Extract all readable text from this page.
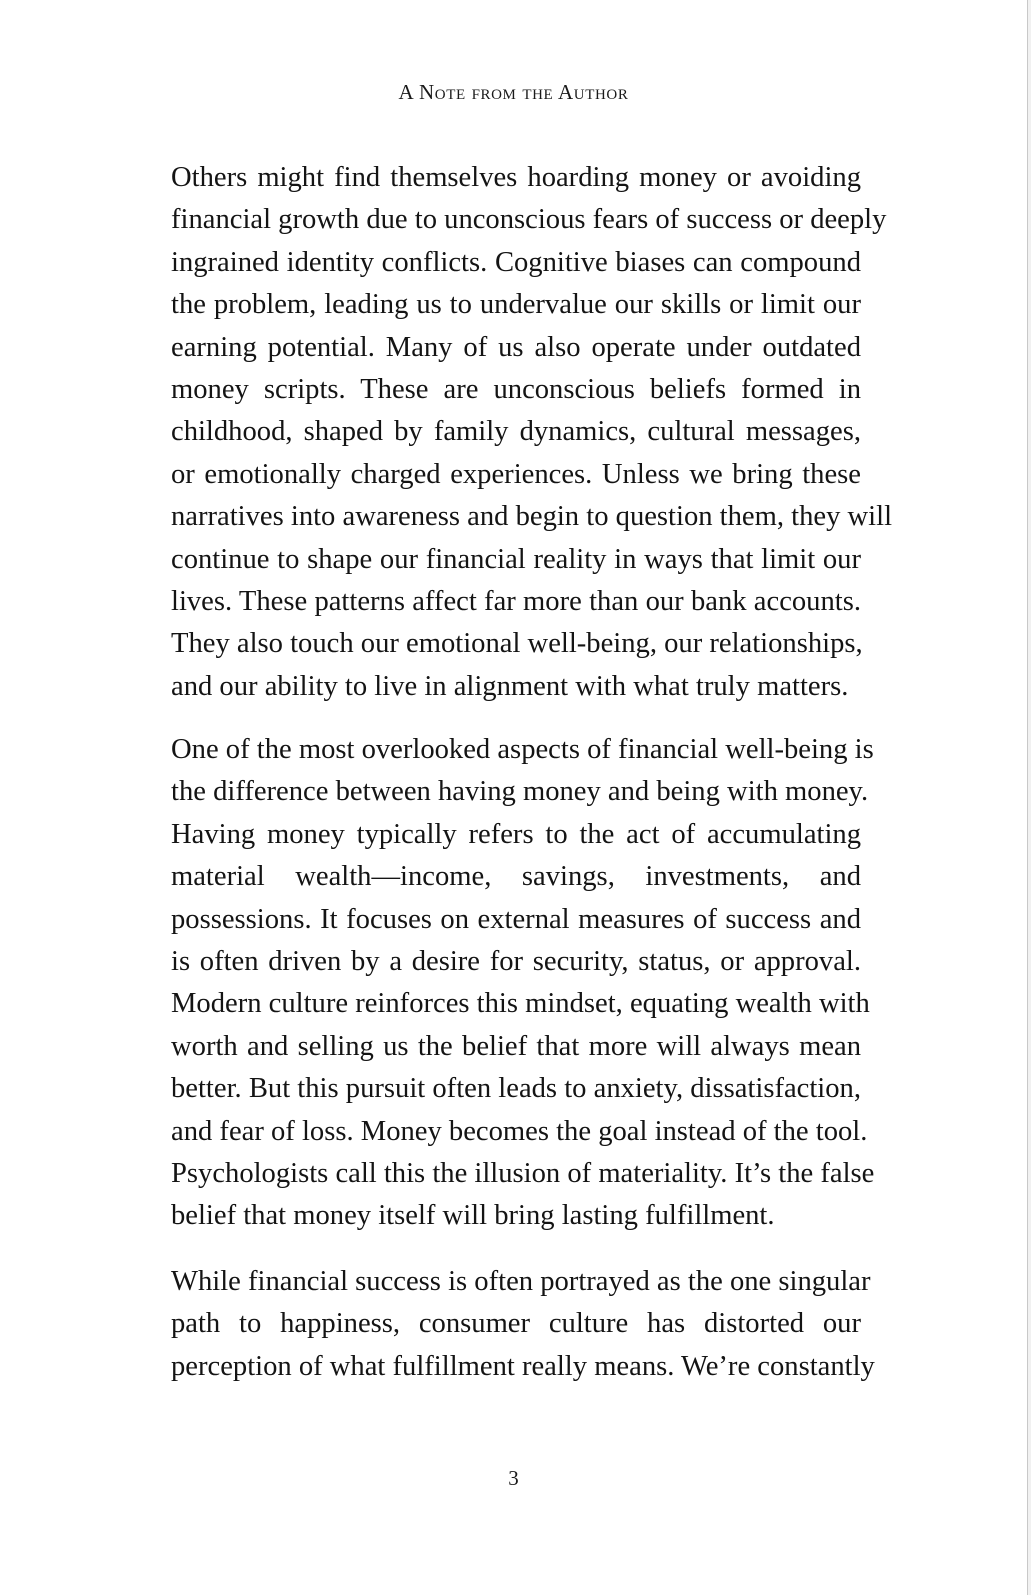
A Note from the Author
Others might find themselves hoarding money or avoiding
financial growth due to unconscious fears of success or deeply
ingrained identity conflicts. Cognitive biases can compound
the problem, leading us to undervalue our skills or limit our
earning potential. Many of us also operate under outdated
money scripts. These are unconscious beliefs formed in
childhood, shaped by family dynamics, cultural messages,
or emotionally charged experiences. Unless we bring these
narratives into awareness and begin to question them, they will
continue to shape our financial reality in ways that limit our
lives. These patterns affect far more than our bank accounts.
They also touch our emotional well-being, our relationships,
and our ability to live in alignment with what truly matters.
One of the most overlooked aspects of financial well-being is
the difference between having money and being with money.
Having money typically refers to the act of accumulating
material wealth—income, savings, investments, and
possessions. It focuses on external measures of success and
is often driven by a desire for security, status, or approval.
Modern culture reinforces this mindset, equating wealth with
worth and selling us the belief that more will always mean
better. But this pursuit often leads to anxiety, dissatisfaction,
and fear of loss. Money becomes the goal instead of the tool.
Psychologists call this the illusion of materiality. It’s the false
belief that money itself will bring lasting fulfillment.
While financial success is often portrayed as the one singular
path to happiness, consumer culture has distorted our
perception of what fulfillment really means. We’re constantly
3
